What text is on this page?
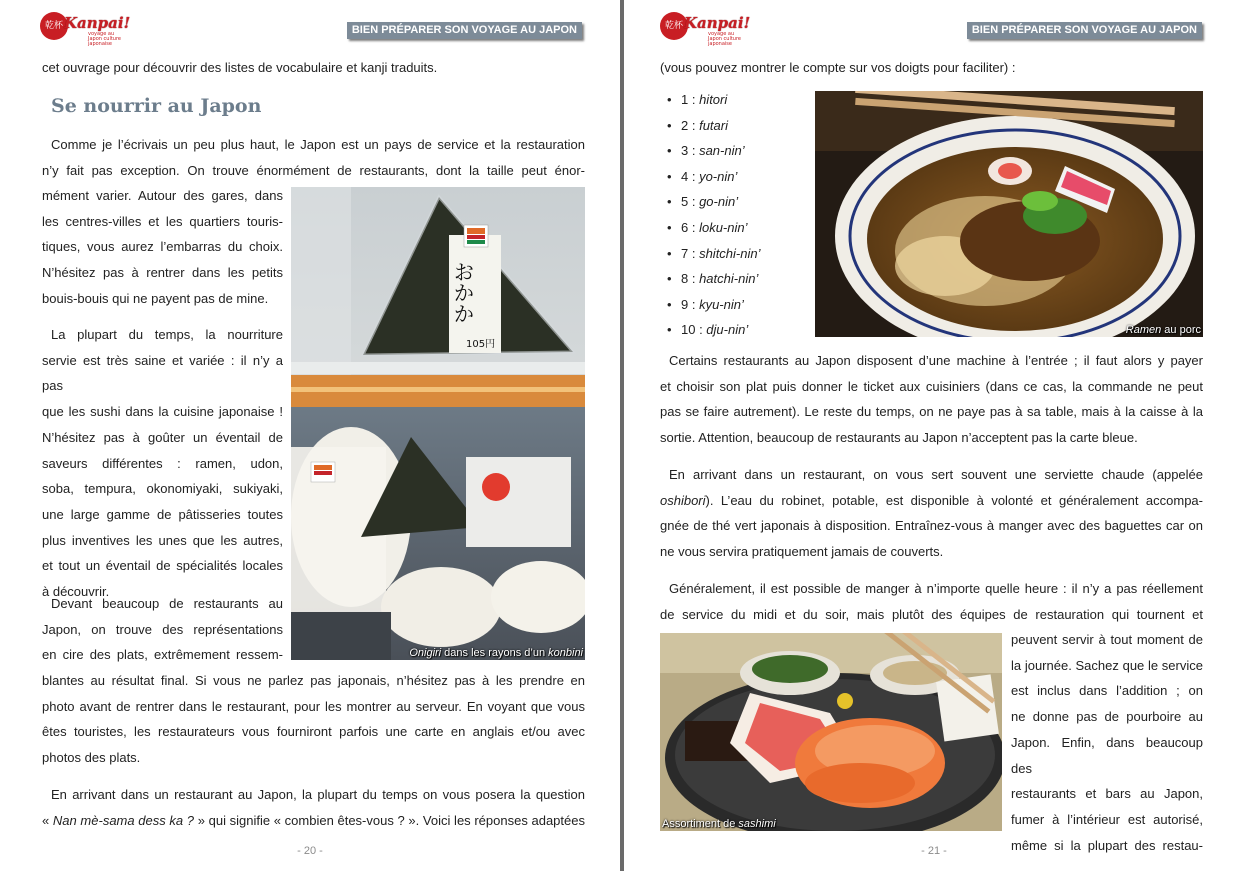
乾杯 Kanpai!
voyage au Japon culture japonaise
BIEN PRÉPARER SON VOYAGE AU JAPON
cet ouvrage pour découvrir des listes de vocabulaire et kanji traduits.
Se nourrir au Japon
Comme je l’écrivais un peu plus haut, le Japon est un pays de service et la restauration
n’y fait pas exception. On trouve énormément de restaurants, dont la taille peut énor-
mément varier. Autour des gares, dans
les centres-villes et les quartiers touris-
tiques, vous aurez l’embarras du choix.
N’hésitez pas à rentrer dans les petits
bouis-bouis qui ne payent pas de mine.
La plupart du temps, la nourriture
servie est très saine et variée : il n’y a pas
que les sushi dans la cuisine japonaise !
N’hésitez pas à goûter un éventail de
saveurs différentes : ramen, udon,
soba, tempura, okonomiyaki, sukiyaki,
une large gamme de pâtisseries toutes
plus inventives les unes que les autres,
et tout un éventail de spécialités locales
à découvrir.
Devant beaucoup de restaurants au
Japon, on trouve des représentations
en cire des plats, extrêmement ressem-
blantes au résultat final. Si vous ne parlez pas japonais, n’hésitez pas à les prendre en
photo avant de rentrer dans le restaurant, pour les montrer au serveur. En voyant que vous
êtes touristes, les restaurateurs vous fourniront parfois une carte en anglais et/ou avec
photos des plats.
En arrivant dans un restaurant au Japon, la plupart du temps on vous posera la question
« Nan mè-sama dess ka ? » qui signifie « combien êtes-vous ? ». Voici les réponses adaptées
おかか
105円
Onigiri dans les rayons d’un konbini
- 20 -
乾杯 Kanpai!
voyage au Japon culture japonaise
BIEN PRÉPARER SON VOYAGE AU JAPON
(vous pouvez montrer le compte sur vos doigts pour faciliter) :
Ramen au porc
Certains restaurants au Japon disposent d’une machine à l’entrée ; il faut alors y payer
et choisir son plat puis donner le ticket aux cuisiniers (dans ce cas, la commande ne peut
pas se faire autrement). Le reste du temps, on ne paye pas à sa table, mais à la caisse à la
sortie. Attention, beaucoup de restaurants au Japon n’acceptent pas la carte bleue.
En arrivant dans un restaurant, on vous sert souvent une serviette chaude (appelée
oshibori). L’eau du robinet, potable, est disponible à volonté et généralement accompa-
gnée de thé vert japonais à disposition. Entraînez-vous à manger avec des baguettes car on
ne vous servira pratiquement jamais de couverts.
Généralement, il est possible de manger à n’importe quelle heure : il n’y a pas réellement
de service du midi et du soir, mais plutôt des équipes de restauration qui tournent et
peuvent servir à tout moment de
la journée. Sachez que le service
est inclus dans l’addition ; on
ne donne pas de pourboire au
Japon. Enfin, dans beaucoup des
restaurants et bars au Japon,
fumer à l’intérieur est autorisé,
même si la plupart des restau-
Assortiment de sashimi
- 21 -
• 1 : hitori
• 2 : futari
• 3 : san-nin’
• 4 : yo-nin’
• 5 : go-nin’
• 6 : loku-nin’
• 7 : shitchi-nin’
• 8 : hatchi-nin’
• 9 : kyu-nin’
• 10 : dju-nin’
